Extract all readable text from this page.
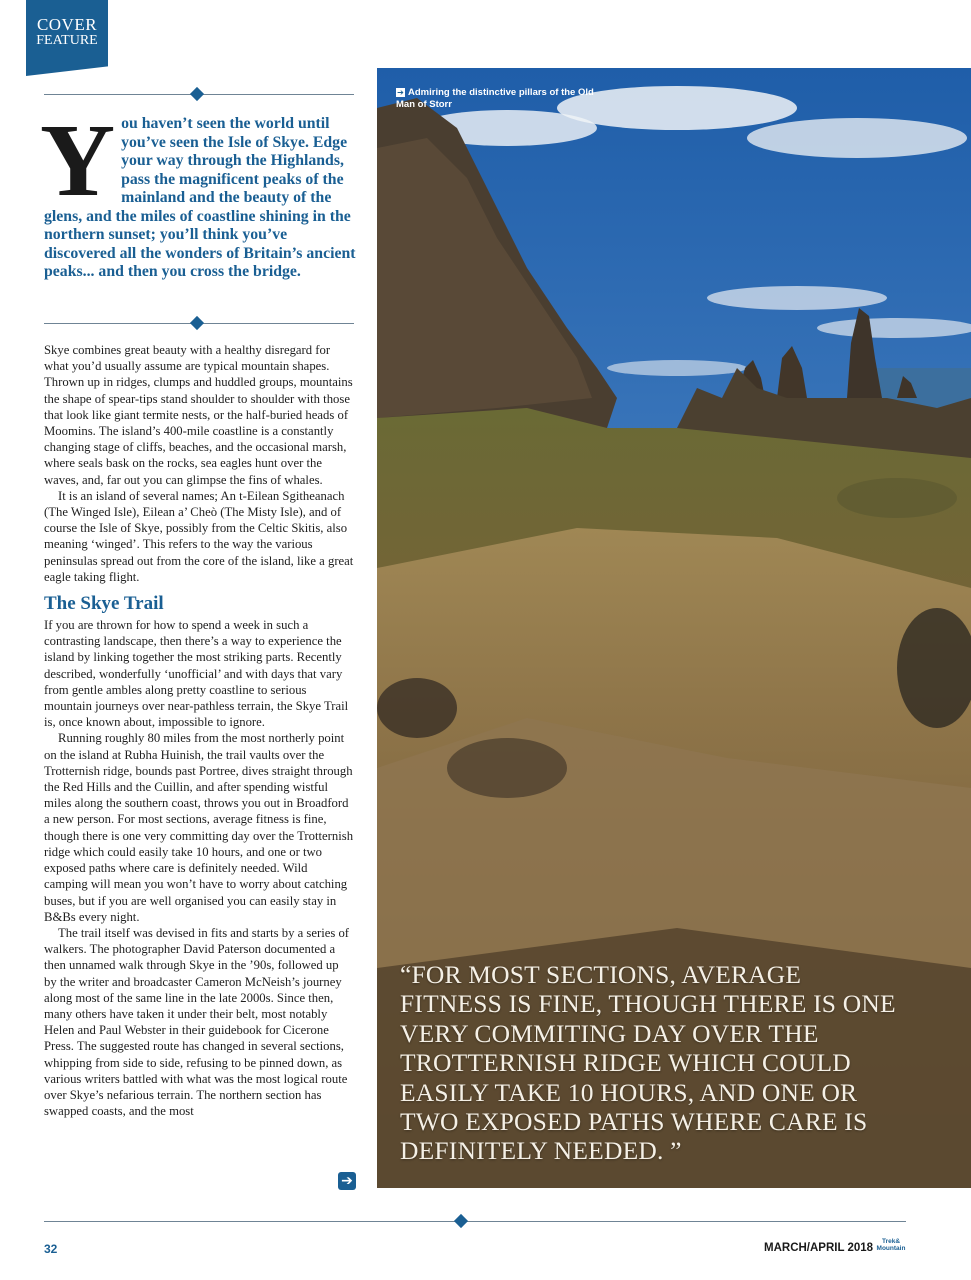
COVER
FEATURE
Y ou haven’t seen the world until you’ve seen the Isle of Skye. Edge your way through the Highlands, pass the magnificent peaks of the mainland and the beauty of the glens, and the miles of coastline shining in the northern sunset; you’ll think you’ve discovered all the wonders of Britain’s ancient peaks... and then you cross the bridge.

Skye combines great beauty with a healthy disregard for what you’d usually assume are typical mountain shapes. Thrown up in ridges, clumps and huddled groups, mountains the shape of spear-tips stand shoulder to shoulder with those that look like giant termite nests, or the half-buried heads of Moomins. The island’s 400-mile coastline is a constantly changing stage of cliffs, beaches, and the occasional marsh, where seals bask on the rocks, sea eagles hunt over the waves, and, far out you can glimpse the fins of whales.

It is an island of several names; An t-Eilean Sgitheanach (The Winged Isle), Eilean a’ Cheò (The Misty Isle), and of course the Isle of Skye, possibly from the Celtic Skitis, also meaning ‘winged’. This refers to the way the various peninsulas spread out from the core of the island, like a great eagle taking flight.

The Skye Trail

If you are thrown for how to spend a week in such a contrasting landscape, then there’s a way to experience the island by linking together the most striking parts. Recently described, wonderfully ‘unofficial’ and with days that vary from gentle ambles along pretty coastline to serious mountain journeys over near-pathless terrain, the Skye Trail is, once known about, impossible to ignore.

Running roughly 80 miles from the most northerly point on the island at Rubha Huinish, the trail vaults over the Trotternish ridge, bounds past Portree, dives straight through the Red Hills and the Cuillin, and after spending wistful miles along the southern coast, throws you out in Broadford a new person. For most sections, average fitness is fine, though there is one very committing day over the Trotternish ridge which could easily take 10 hours, and one or two exposed paths where care is definitely needed. Wild camping will mean you won’t have to worry about catching buses, but if you are well organised you can easily stay in B&Bs every night.

The trail itself was devised in fits and starts by a series of walkers. The photographer David Paterson documented a then unnamed walk through Skye in the ’90s, followed up by the writer and broadcaster Cameron McNeish’s journey along most of the same line in the late 2000s. Since then, many others have taken it under their belt, most notably Helen and Paul Webster in their guidebook for Cicerone Press. The suggested route has changed in several sections, whipping from side to side, refusing to be pinned down, as various writers battled with what was the most logical route over Skye’s nefarious terrain. The northern section has swapped coasts, and the most

➔
➔ Admiring the distinctive pillars of the Old Man of Storr
“FOR MOST SECTIONS, AVERAGE FITNESS IS FINE, THOUGH THERE IS ONE VERY COMMITING DAY OVER THE TROTTERNISH RIDGE WHICH COULD EASILY TAKE 10 HOURS, AND ONE OR TWO EXPOSED PATHS WHERE CARE IS DEFINITELY NEEDED. ”
32	MARCH/APRIL 2018
Trek&
Mountain
